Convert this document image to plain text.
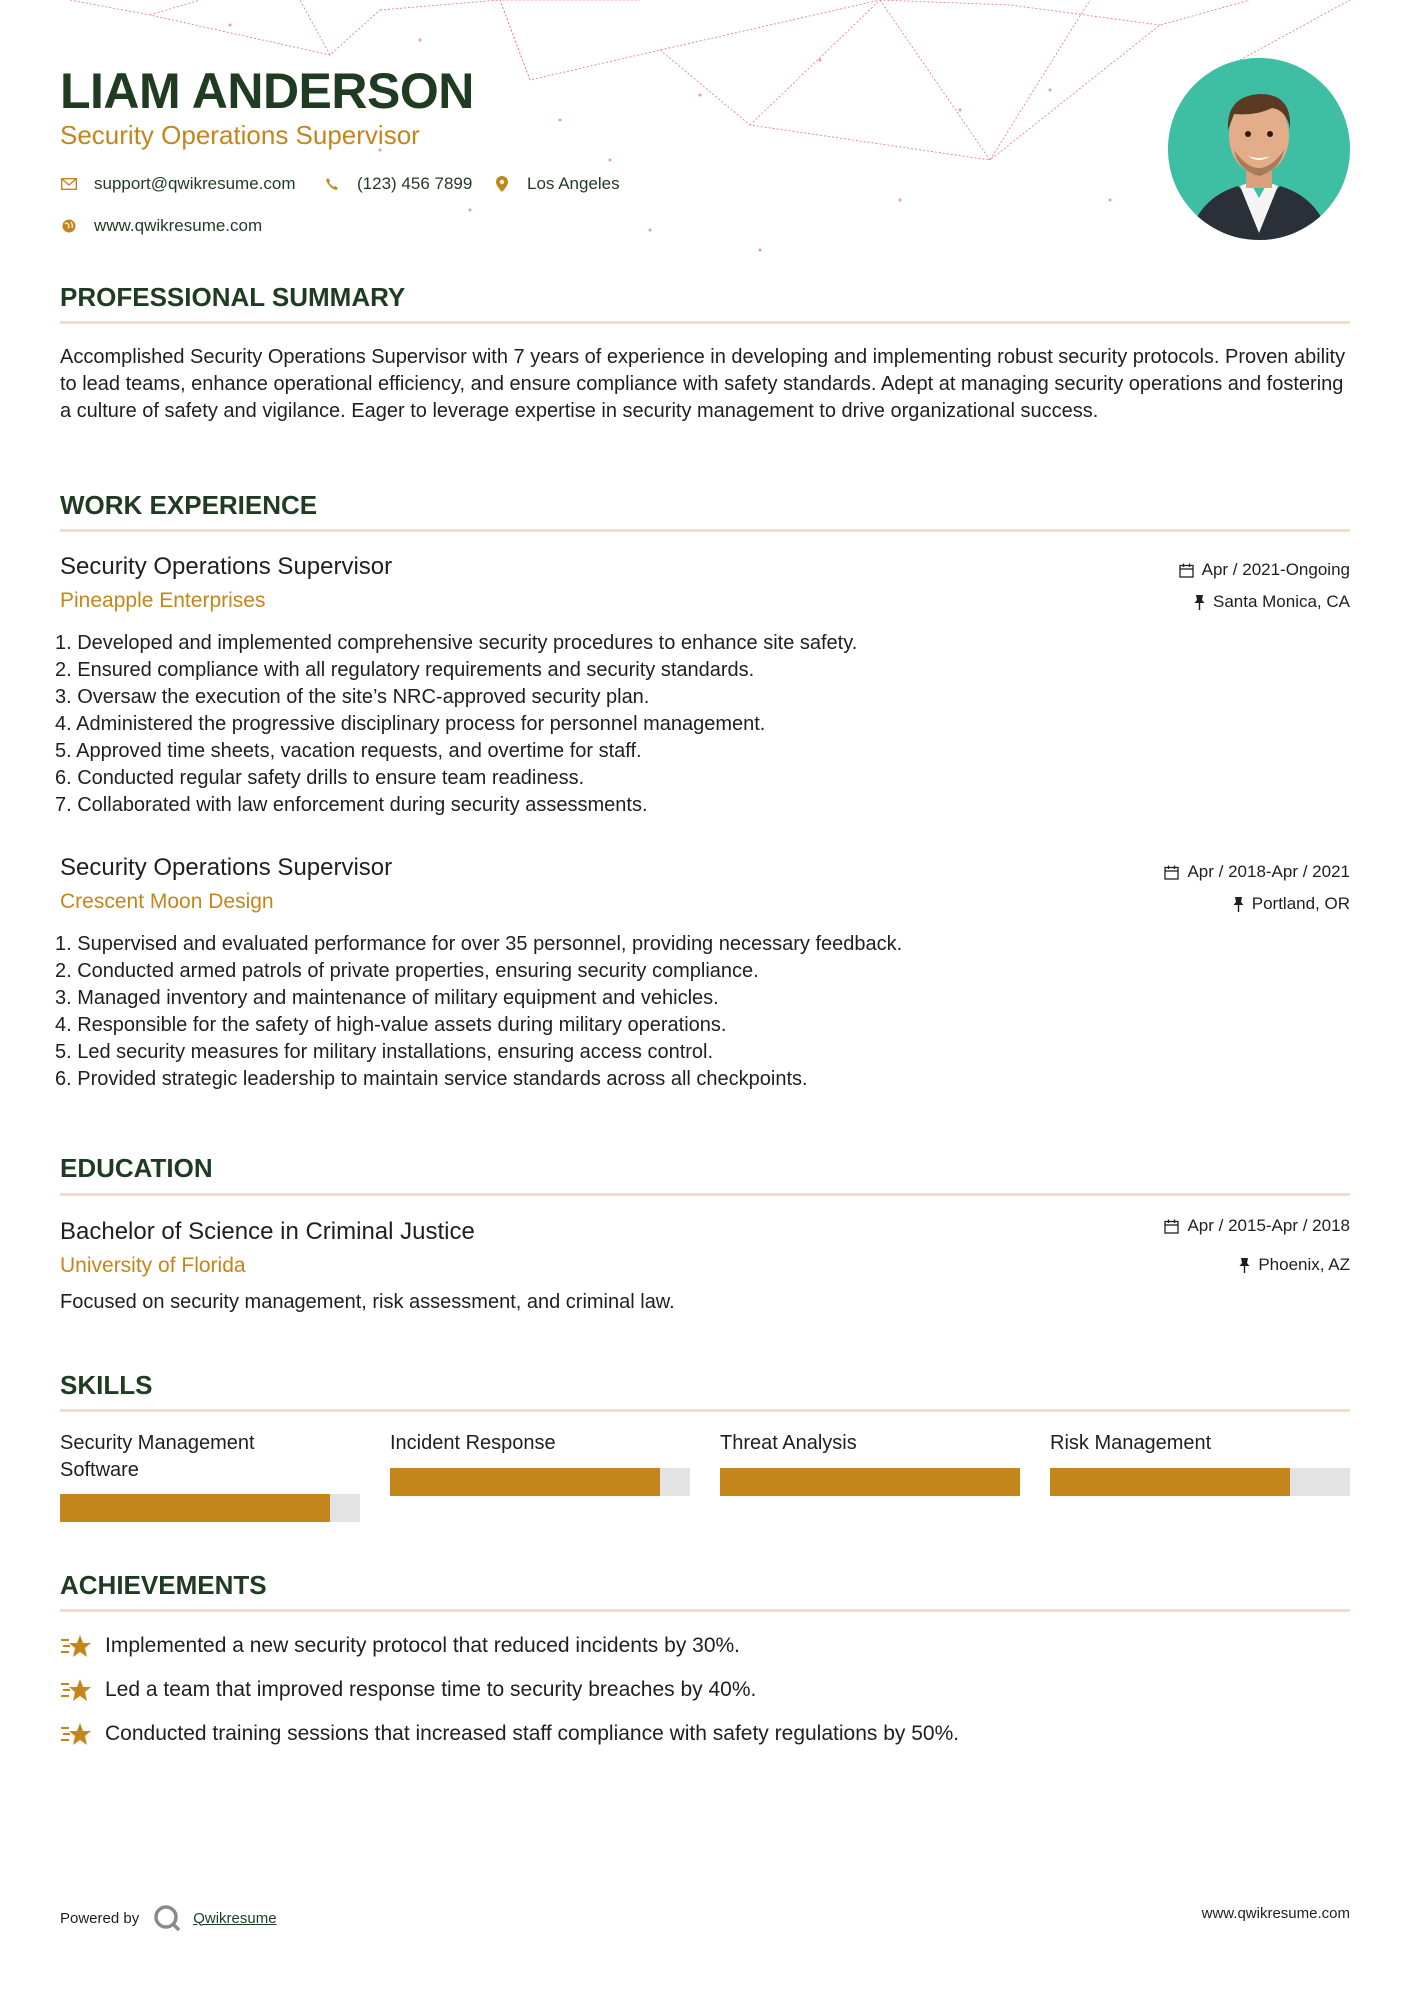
LIAM ANDERSON
Security Operations Supervisor
support@qwikresume.com	(123) 456 7899	Los Angeles
www.qwikresume.com
PROFESSIONAL SUMMARY
Accomplished Security Operations Supervisor with 7 years of experience in developing and implementing robust security protocols. Proven ability to lead teams, enhance operational efficiency, and ensure compliance with safety standards. Adept at managing security operations and fostering a culture of safety and vigilance. Eager to leverage expertise in security management to drive organizational success.
WORK EXPERIENCE
Security Operations Supervisor
Pineapple Enterprises
Apr / 2021-Ongoing
Santa Monica, CA
1. Developed and implemented comprehensive security procedures to enhance site safety.
2. Ensured compliance with all regulatory requirements and security standards.
3. Oversaw the execution of the site’s NRC-approved security plan.
4. Administered the progressive disciplinary process for personnel management.
5. Approved time sheets, vacation requests, and overtime for staff.
6. Conducted regular safety drills to ensure team readiness.
7. Collaborated with law enforcement during security assessments.
Security Operations Supervisor
Crescent Moon Design
Apr / 2018-Apr / 2021
Portland, OR
1. Supervised and evaluated performance for over 35 personnel, providing necessary feedback.
2. Conducted armed patrols of private properties, ensuring security compliance.
3. Managed inventory and maintenance of military equipment and vehicles.
4. Responsible for the safety of high-value assets during military operations.
5. Led security measures for military installations, ensuring access control.
6. Provided strategic leadership to maintain service standards across all checkpoints.
EDUCATION
Bachelor of Science in Criminal Justice
University of Florida
Apr / 2015-Apr / 2018
Phoenix, AZ
Focused on security management, risk assessment, and criminal law.
SKILLS
Security Management Software
Incident Response	Threat Analysis	Risk Management
ACHIEVEMENTS
Implemented a new security protocol that reduced incidents by 30%.
Led a team that improved response time to security breaches by 40%.
Conducted training sessions that increased staff compliance with safety regulations by 50%.
Powered by	Qwikresume	www.qwikresume.com
